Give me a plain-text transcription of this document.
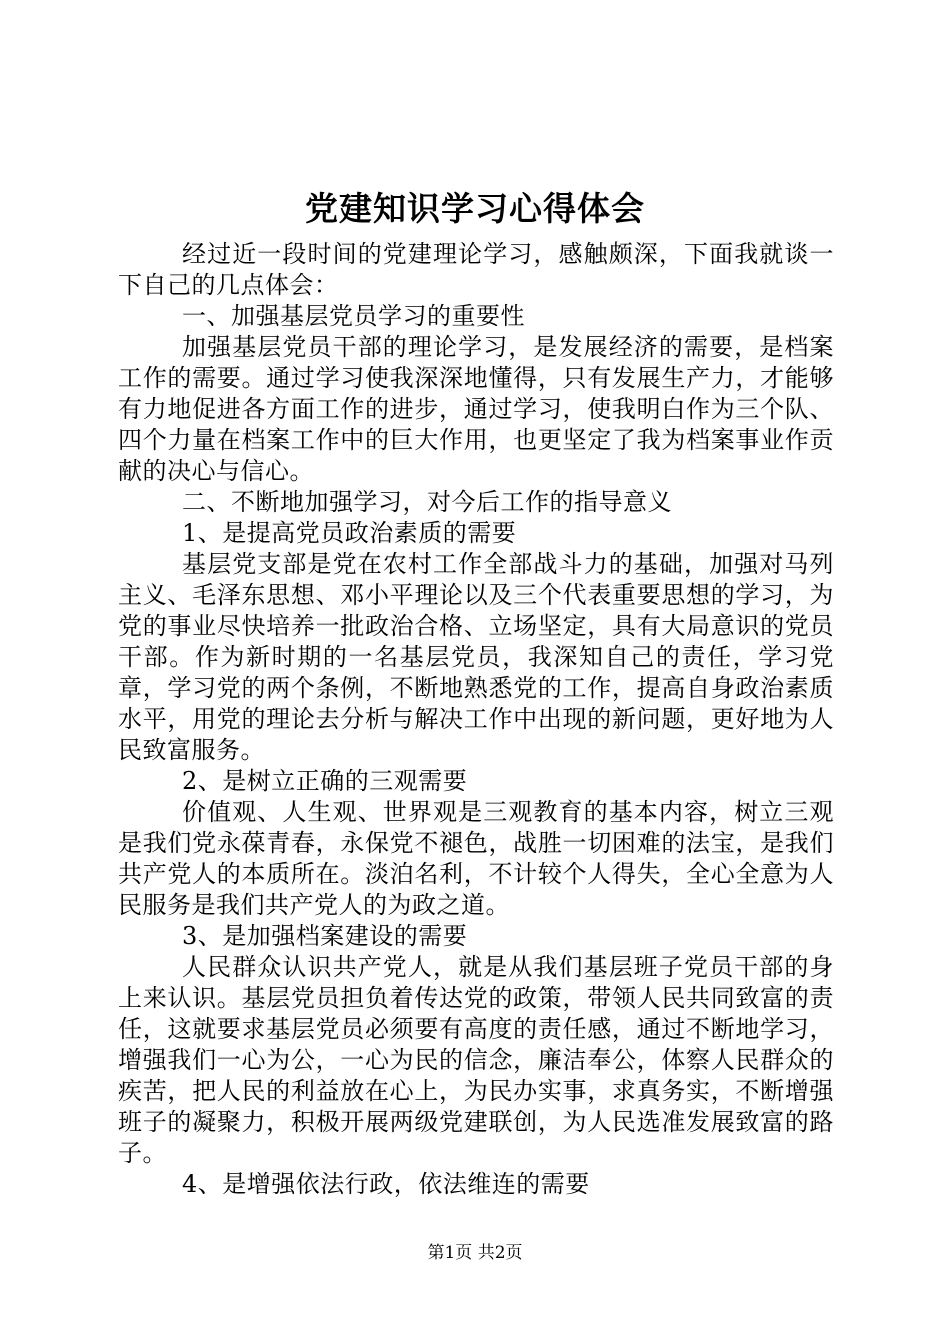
党建知识学习心得体会

经过近一段时间的党建理论学习，感触颇深，下面我就谈一下自己的几点体会：

一、加强基层党员学习的重要性

加强基层党员干部的理论学习，是发展经济的需要，是档案工作的需要。通过学习使我深深地懂得，只有发展生产力，才能够有力地促进各方面工作的进步，通过学习，使我明白作为三个队、四个力量在档案工作中的巨大作用，也更坚定了我为档案事业作贡献的决心与信心。

二、不断地加强学习，对今后工作的指导意义

1、是提高党员政治素质的需要

基层党支部是党在农村工作全部战斗力的基础，加强对马列主义、毛泽东思想、邓小平理论以及三个代表重要思想的学习，为党的事业尽快培养一批政治合格、立场坚定，具有大局意识的党员干部。作为新时期的一名基层党员，我深知自己的责任，学习党章，学习党的两个条例，不断地熟悉党的工作，提高自身政治素质水平，用党的理论去分析与解决工作中出现的新问题，更好地为人民致富服务。

2、是树立正确的三观需要

价值观、人生观、世界观是三观教育的基本内容，树立三观是我们党永葆青春，永保党不褪色，战胜一切困难的法宝，是我们共产党人的本质所在。淡泊名利，不计较个人得失，全心全意为人民服务是我们共产党人的为政之道。

3、是加强档案建设的需要

人民群众认识共产党人，就是从我们基层班子党员干部的身上来认识。基层党员担负着传达党的政策，带领人民共同致富的责任，这就要求基层党员必须要有高度的责任感，通过不断地学习，增强我们一心为公，一心为民的信念，廉洁奉公，体察人民群众的疾苦，把人民的利益放在心上，为民办实事，求真务实，不断增强班子的凝聚力，积极开展两级党建联创，为人民选准发展致富的路子。

4、是增强依法行政，依法维连的需要

第1页 共2页
